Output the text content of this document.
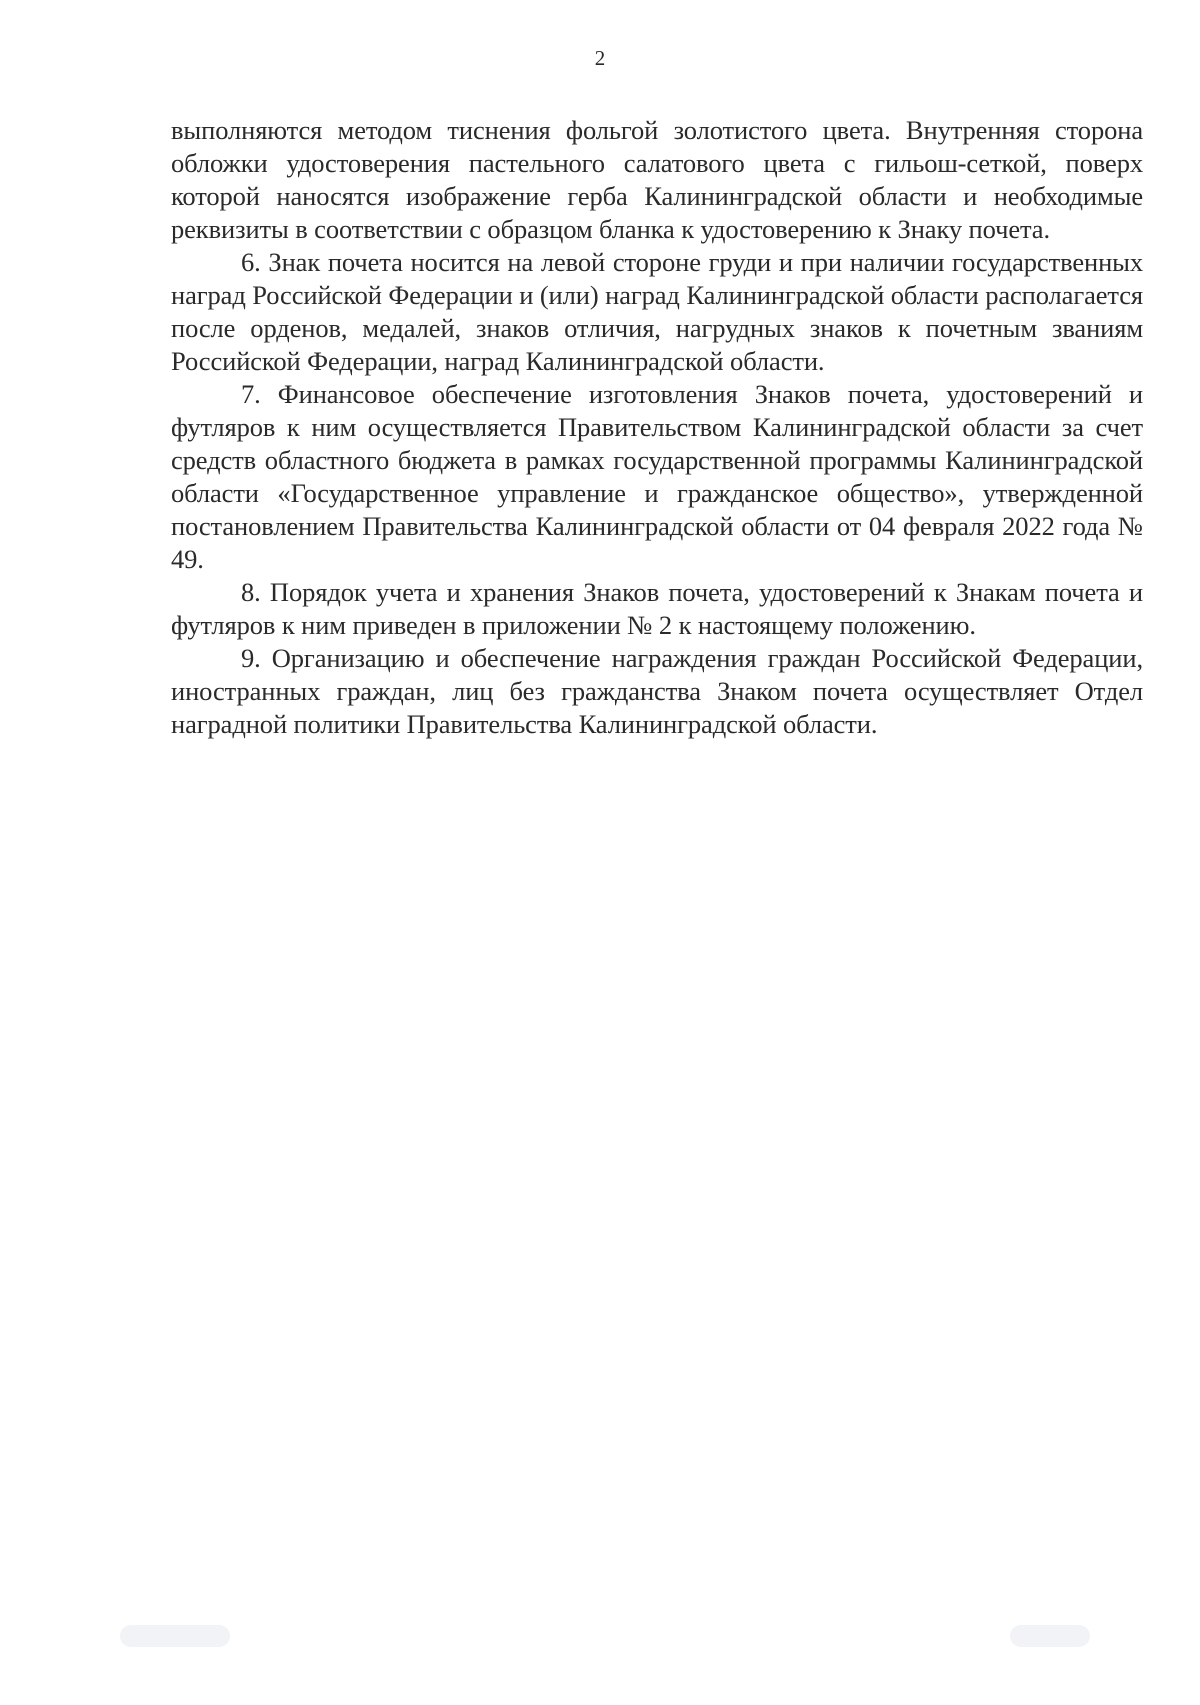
2

выполняются методом тиснения фольгой золотистого цвета. Внутренняя сторона обложки удостоверения пастельного салатового цвета с гильош-сеткой, поверх которой наносятся изображение герба Калининградской области и необходимые реквизиты в соответствии с образцом бланка к удостоверению к Знаку почета.

6. Знак почета носится на левой стороне груди и при наличии государственных наград Российской Федерации и (или) наград Калининградской области располагается после орденов, медалей, знаков отличия, нагрудных знаков к почетным званиям Российской Федерации, наград Калининградской области.

7. Финансовое обеспечение изготовления Знаков почета, удостоверений и футляров к ним осуществляется Правительством Калининградской области за счет средств областного бюджета в рамках государственной программы Калининградской области «Государственное управление и гражданское общество», утвержденной постановлением Правительства Калининградской области от 04 февраля 2022 года № 49.

8. Порядок учета и хранения Знаков почета, удостоверений к Знакам почета и футляров к ним приведен в приложении № 2 к настоящему положению.

9. Организацию и обеспечение награждения граждан Российской Федерации, иностранных граждан, лиц без гражданства Знаком почета осуществляет Отдел наградной политики Правительства Калининградской области.
